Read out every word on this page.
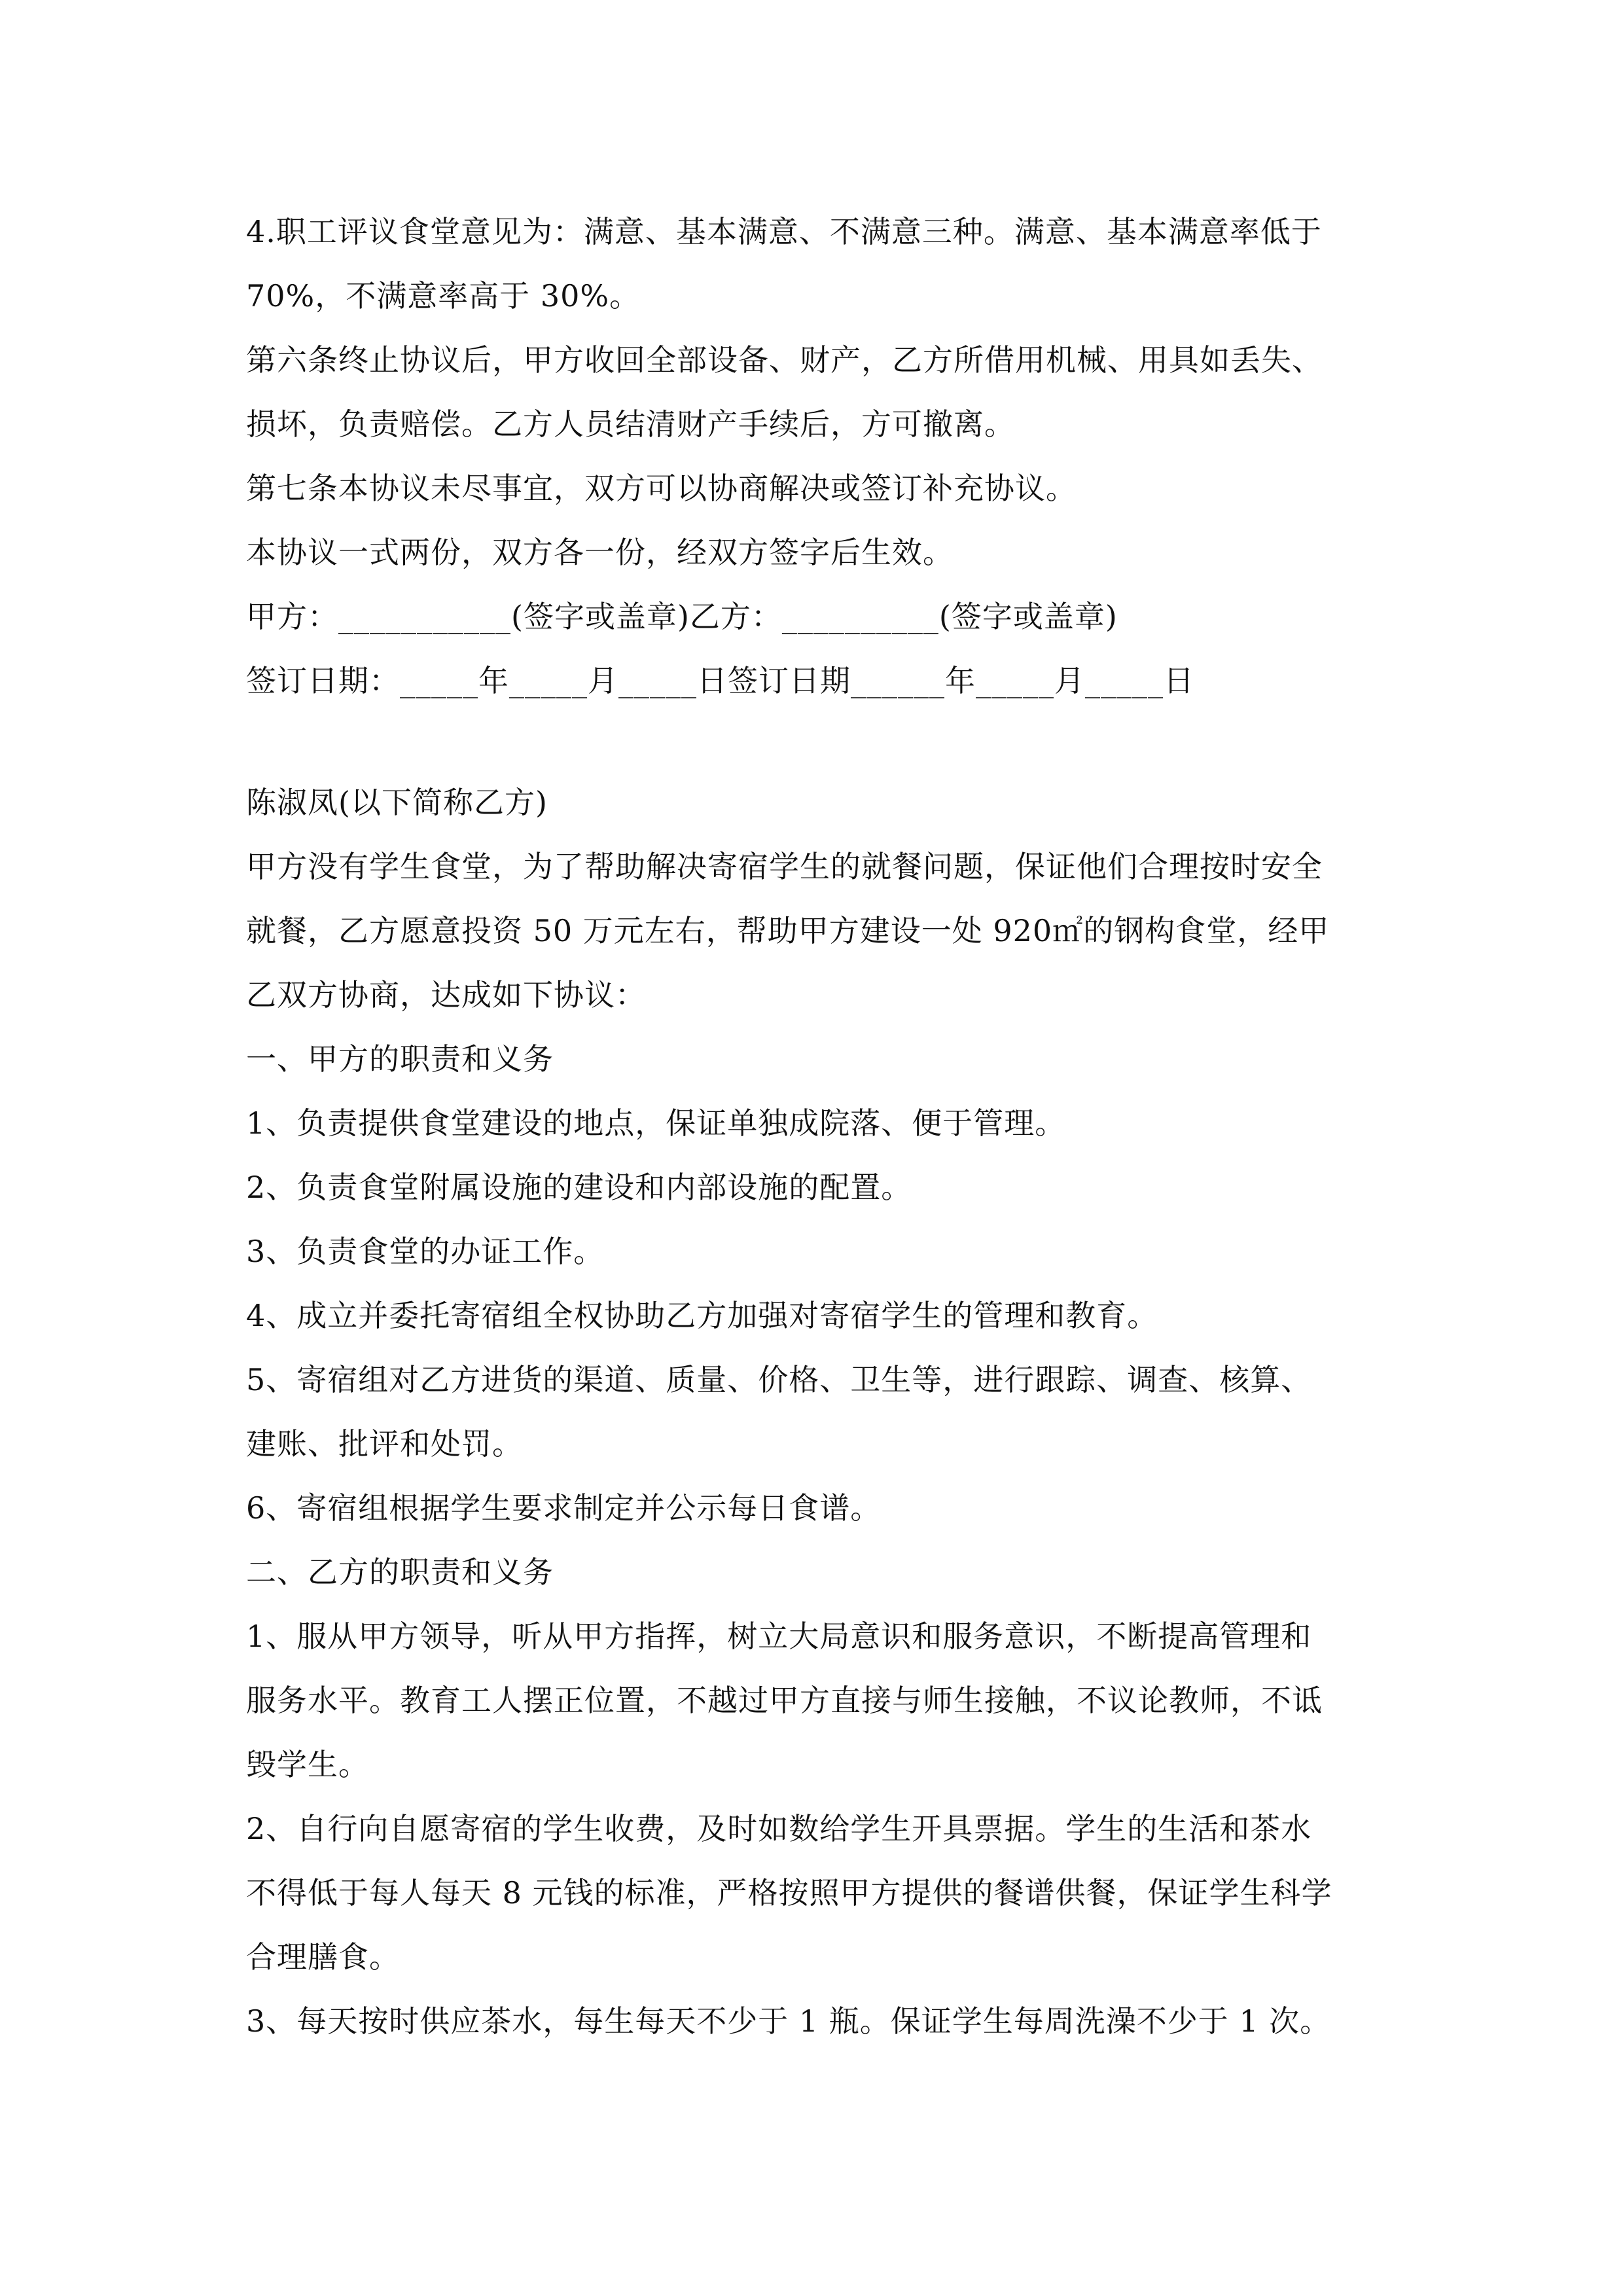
4.职工评议食堂意见为：满意、基本满意、不满意三种。满意、基本满意率低于
70%，不满意率高于 30%。
第六条终止协议后，甲方收回全部设备、财产，乙方所借用机械、用具如丢失、
损坏，负责赔偿。乙方人员结清财产手续后，方可撤离。
第七条本协议未尽事宜，双方可以协商解决或签订补充协议。
本协议一式两份，双方各一份，经双方签字后生效。
甲方：___________(签字或盖章)乙方：__________(签字或盖章)
签订日期：_____年_____月_____日签订日期______年_____月_____日
陈淑凤(以下简称乙方)
甲方没有学生食堂，为了帮助解决寄宿学生的就餐问题，保证他们合理按时安全
就餐，乙方愿意投资 50 万元左右，帮助甲方建设一处 920㎡的钢构食堂，经甲
乙双方协商，达成如下协议：
一、甲方的职责和义务
1、负责提供食堂建设的地点，保证单独成院落、便于管理。
2、负责食堂附属设施的建设和内部设施的配置。
3、负责食堂的办证工作。
4、成立并委托寄宿组全权协助乙方加强对寄宿学生的管理和教育。
5、寄宿组对乙方进货的渠道、质量、价格、卫生等，进行跟踪、调查、核算、
建账、批评和处罚。
6、寄宿组根据学生要求制定并公示每日食谱。
二、乙方的职责和义务
1、服从甲方领导，听从甲方指挥，树立大局意识和服务意识，不断提高管理和
服务水平。教育工人摆正位置，不越过甲方直接与师生接触，不议论教师，不诋
毁学生。
2、自行向自愿寄宿的学生收费，及时如数给学生开具票据。学生的生活和茶水
不得低于每人每天 8 元钱的标准，严格按照甲方提供的餐谱供餐，保证学生科学
合理膳食。
3、每天按时供应茶水，每生每天不少于 1 瓶。保证学生每周洗澡不少于 1 次。
